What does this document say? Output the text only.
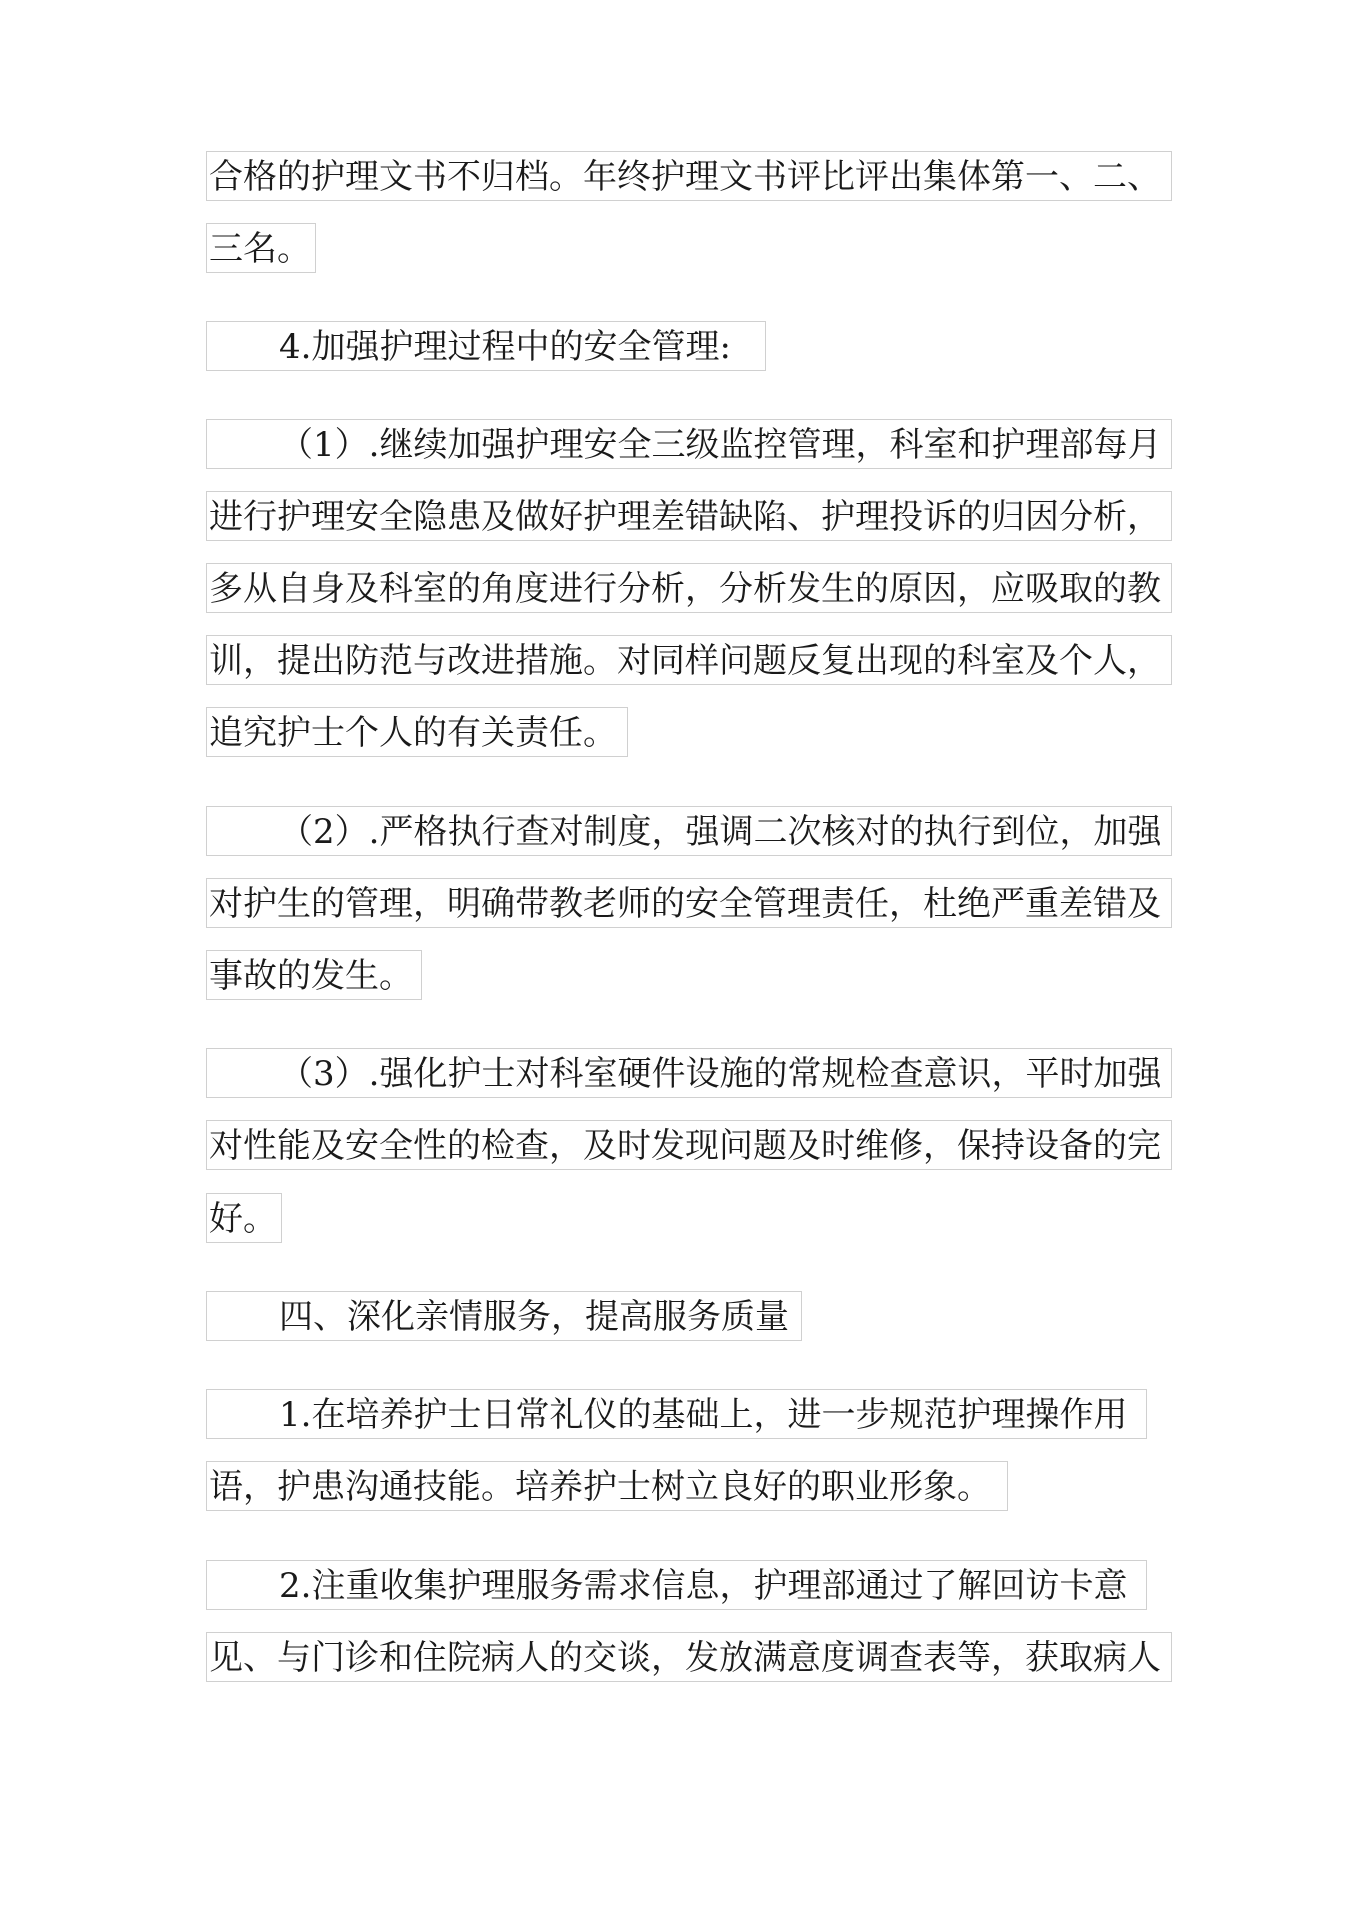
合格的护理文书不归档。年终护理文书评比评出集体第一、二、
三名。
4.加强护理过程中的安全管理:
（1）.继续加强护理安全三级监控管理，科室和护理部每月
进行护理安全隐患及做好护理差错缺陷、护理投诉的归因分析，
多从自身及科室的角度进行分析，分析发生的原因，应吸取的教
训，提出防范与改进措施。对同样问题反复出现的科室及个人，
追究护士个人的有关责任。
（2）.严格执行查对制度，强调二次核对的执行到位，加强
对护生的管理，明确带教老师的安全管理责任，杜绝严重差错及
事故的发生。
（3）.强化护士对科室硬件设施的常规检查意识，平时加强
对性能及安全性的检查，及时发现问题及时维修，保持设备的完
好。
四、深化亲情服务，提高服务质量
1.在培养护士日常礼仪的基础上，进一步规范护理操作用
语，护患沟通技能。培养护士树立良好的职业形象。
2.注重收集护理服务需求信息，护理部通过了解回访卡意
见、与门诊和住院病人的交谈，发放满意度调查表等，获取病人
